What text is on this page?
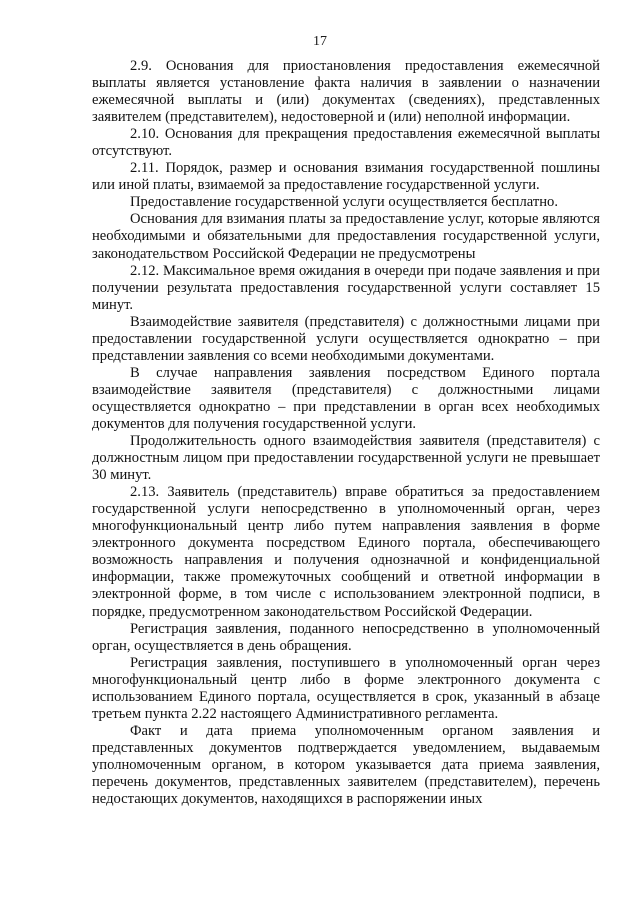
17

2.9. Основания для приостановления предоставления ежемесячной выплаты является установление факта наличия в заявлении о назначении ежемесячной выплаты и (или) документах (сведениях), представленных заявителем (представителем), недостоверной и (или) неполной информации.

2.10. Основания для прекращения предоставления ежемесячной выплаты отсутствуют.

2.11. Порядок, размер и основания взимания государственной пошлины или иной платы, взимаемой за предоставление государственной услуги.

Предоставление государственной услуги осуществляется бесплатно.

Основания для взимания платы за предоставление услуг, которые являются необходимыми и обязательными для предоставления государственной услуги, законодательством Российской Федерации не предусмотрены

2.12. Максимальное время ожидания в очереди при подаче заявления и при получении результата предоставления государственной услуги составляет 15 минут.

Взаимодействие заявителя (представителя) с должностными лицами при предоставлении государственной услуги осуществляется однократно – при представлении заявления со всеми необходимыми документами.

В случае направления заявления посредством Единого портала взаимодействие заявителя (представителя) с должностными лицами осуществляется однократно – при представлении в орган всех необходимых документов для получения государственной услуги.

Продолжительность одного взаимодействия заявителя (представителя) с должностным лицом при предоставлении государственной услуги не превышает 30 минут.

2.13. Заявитель (представитель) вправе обратиться за предоставлением государственной услуги непосредственно в уполномоченный орган, через многофункциональный центр либо путем направления заявления в форме электронного документа посредством Единого портала, обеспечивающего возможность направления и получения однозначной и конфиденциальной информации, также промежуточных сообщений и ответной информации в электронной форме, в том числе с использованием электронной подписи, в порядке, предусмотренном законодательством Российской Федерации.

Регистрация заявления, поданного непосредственно в уполномоченный орган, осуществляется в день обращения.

Регистрация заявления, поступившего в уполномоченный орган через многофункциональный центр либо в форме электронного документа с использованием Единого портала, осуществляется в срок, указанный в абзаце третьем пункта 2.22 настоящего Административного регламента.

Факт и дата приема уполномоченным органом заявления и представленных документов подтверждается уведомлением, выдаваемым уполномоченным органом, в котором указывается дата приема заявления, перечень документов, представленных заявителем (представителем), перечень недостающих документов, находящихся в распоряжении иных
